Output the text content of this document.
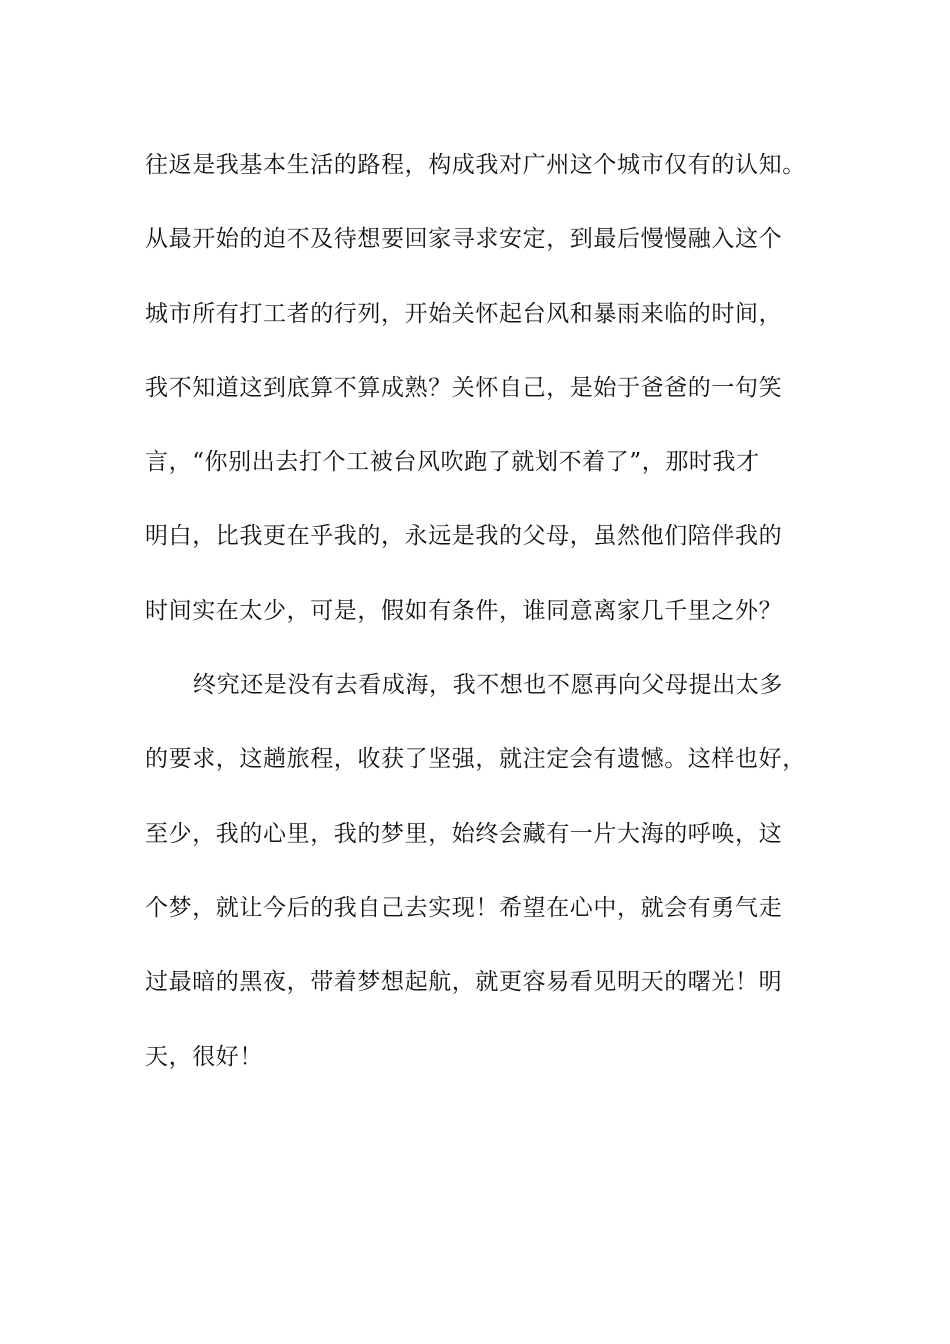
往返是我基本生活的路程，构成我对广州这个城市仅有的认知。
从最开始的迫不及待想要回家寻求安定，到最后慢慢融入这个
城市所有打工者的行列，开始关怀起台风和暴雨来临的时间，
我不知道这到底算不算成熟？关怀自己，是始于爸爸的一句笑
言，“你别出去打个工被台风吹跑了就划不着了”，那时我才
明白，比我更在乎我的，永远是我的父母，虽然他们陪伴我的
时间实在太少，可是，假如有条件，谁同意离家几千里之外？
终究还是没有去看成海，我不想也不愿再向父母提出太多
的要求，这趟旅程，收获了坚强，就注定会有遗憾。这样也好，
至少，我的心里，我的梦里，始终会藏有一片大海的呼唤，这
个梦，就让今后的我自己去实现！希望在心中，就会有勇气走
过最暗的黑夜，带着梦想起航，就更容易看见明天的曙光！明
天，很好！
